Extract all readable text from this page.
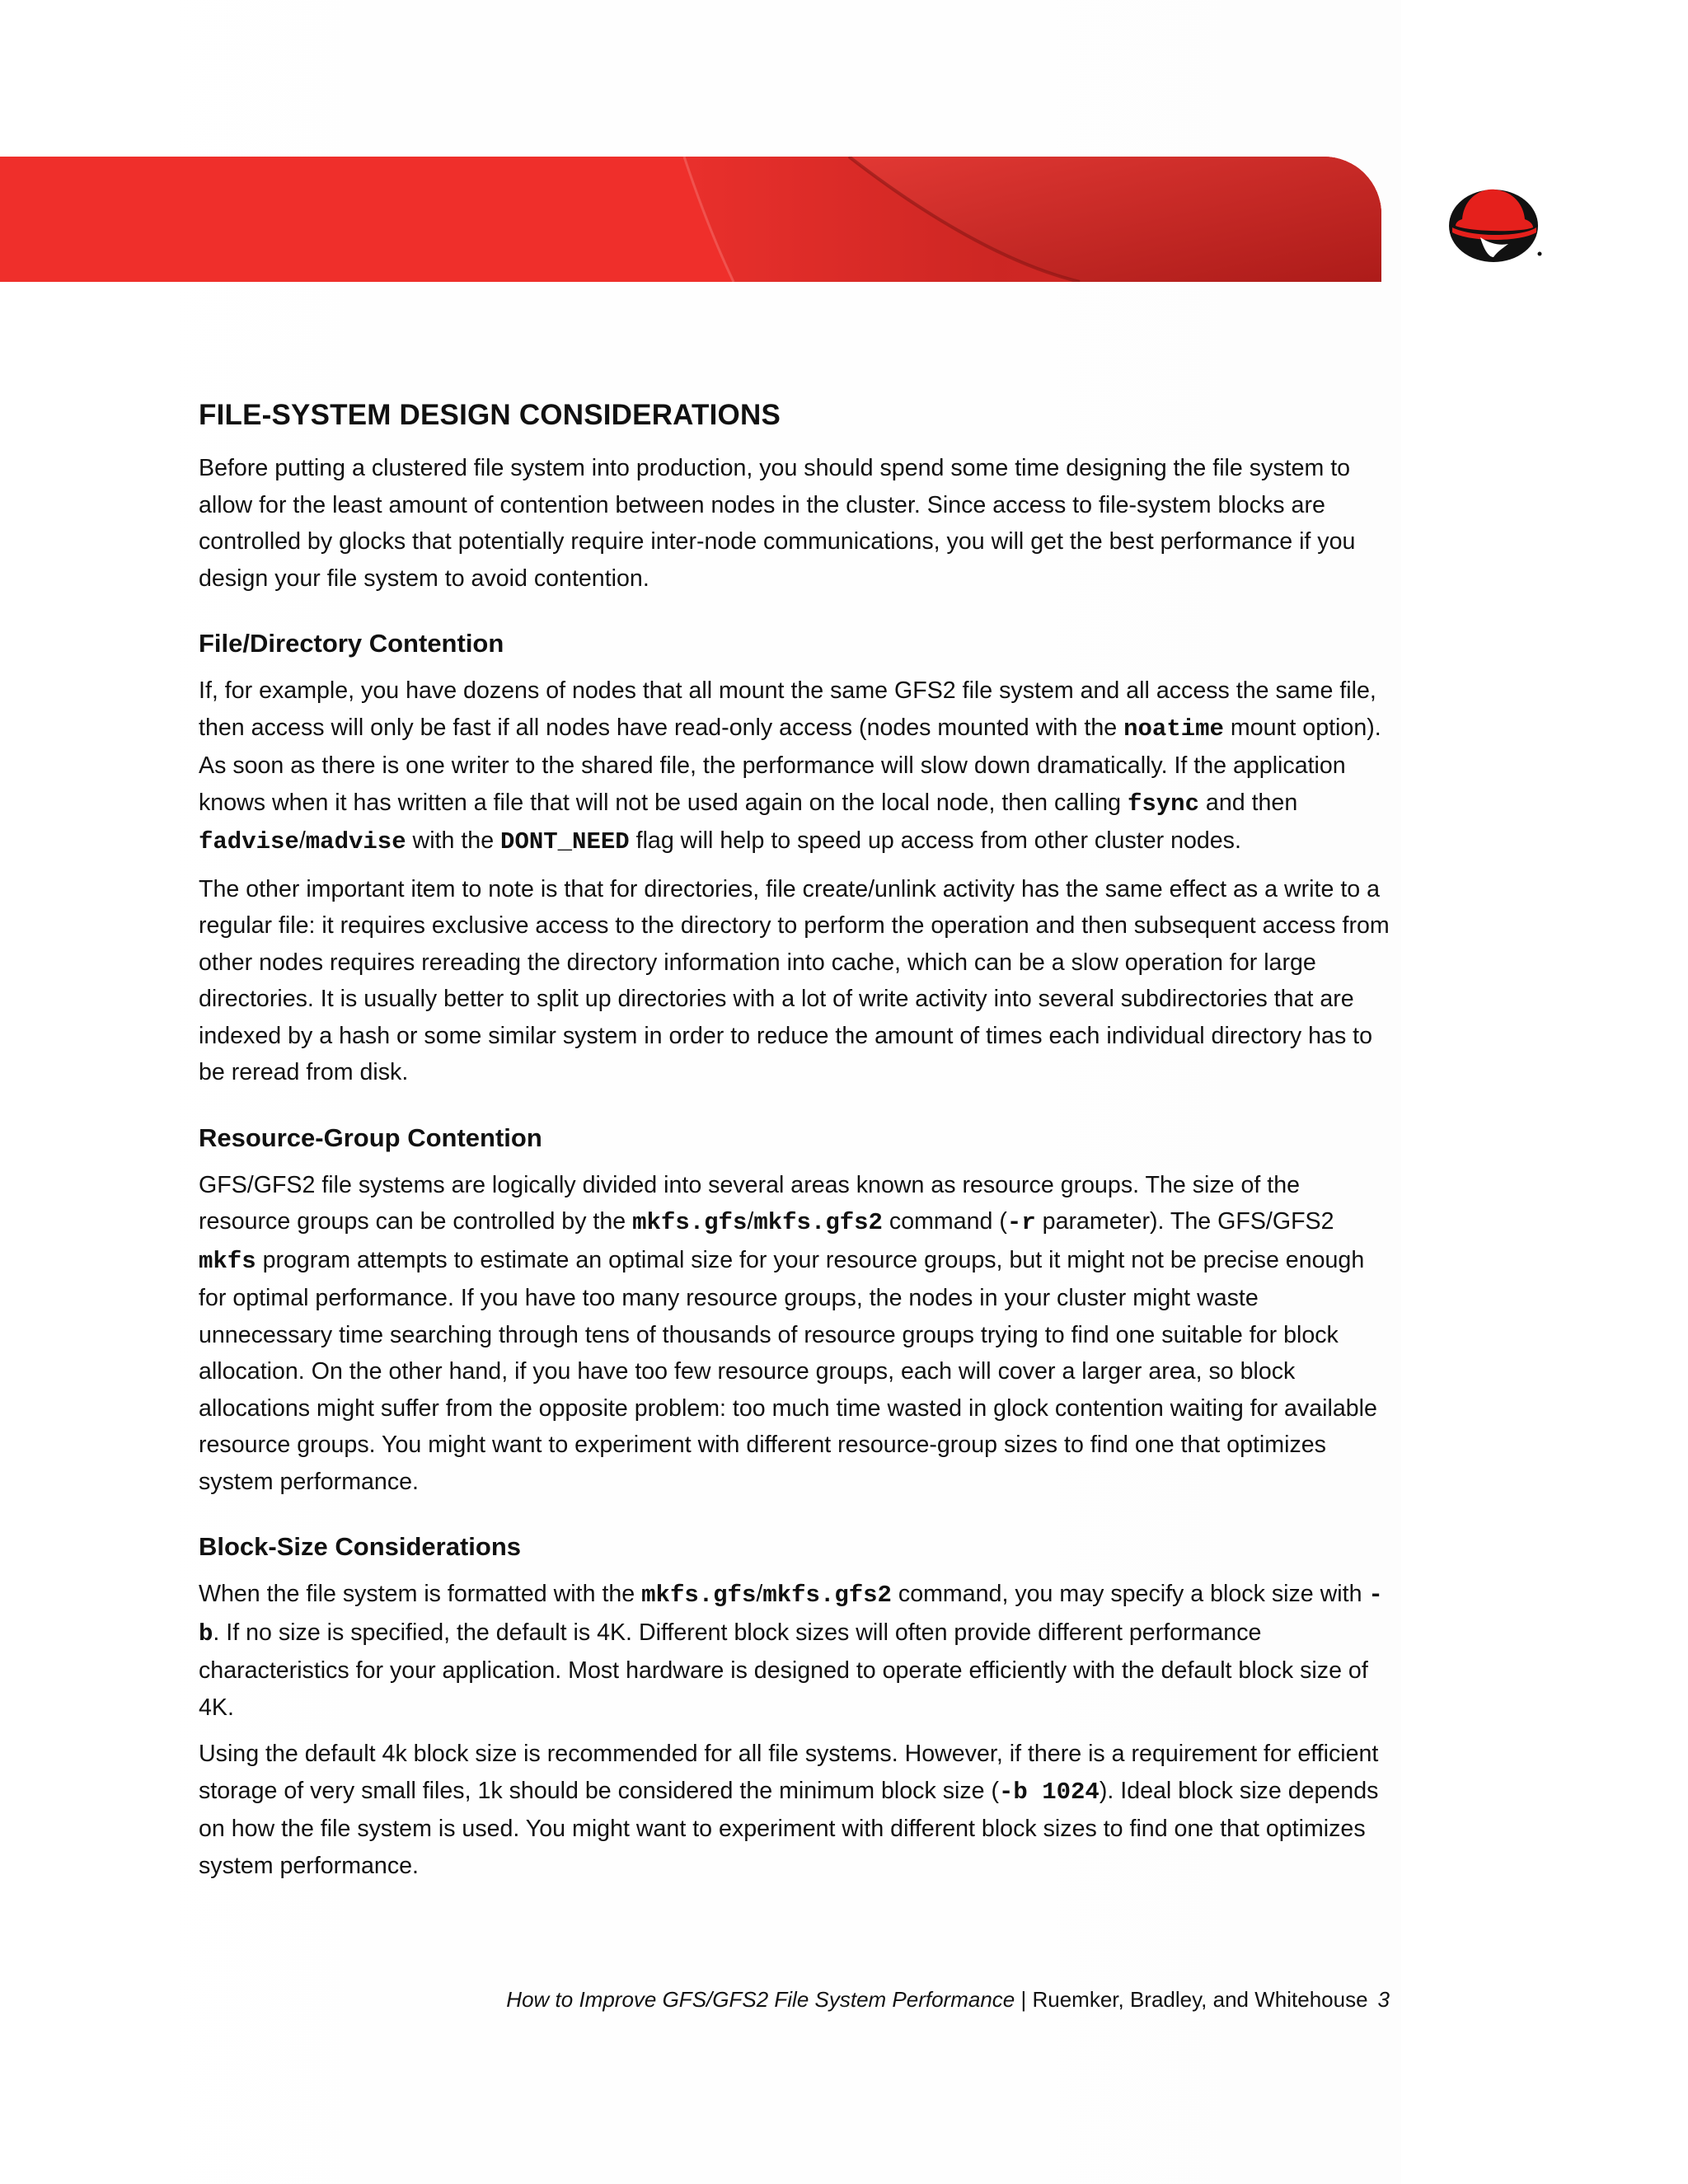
FILE-SYSTEM DESIGN CONSIDERATIONS

Before putting a clustered file system into production, you should spend some time designing the file system to allow for the least amount of contention between nodes in the cluster. Since access to file-system blocks are controlled by glocks that potentially require inter-node communications, you will get the best performance if you design your file system to avoid contention.

File/Directory Contention

If, for example, you have dozens of nodes that all mount the same GFS2 file system and all access the same file, then access will only be fast if all nodes have read-only access (nodes mounted with the noatime mount option). As soon as there is one writer to the shared file, the performance will slow down dramatically. If the application knows when it has written a file that will not be used again on the local node, then calling fsync and then fadvise/madvise with the DONT_NEED flag will help to speed up access from other cluster nodes.

The other important item to note is that for directories, file create/unlink activity has the same effect as a write to a regular file: it requires exclusive access to the directory to perform the operation and then subsequent access from other nodes requires rereading the directory information into cache, which can be a slow operation for large directories. It is usually better to split up directories with a lot of write activity into several subdirectories that are indexed by a hash or some similar system in order to reduce the amount of times each individual directory has to be reread from disk.

Resource-Group Contention

GFS/GFS2 file systems are logically divided into several areas known as resource groups. The size of the resource groups can be controlled by the mkfs.gfs/mkfs.gfs2 command (-r parameter). The GFS/GFS2 mkfs program attempts to estimate an optimal size for your resource groups, but it might not be precise enough for optimal performance. If you have too many resource groups, the nodes in your cluster might waste unnecessary time searching through tens of thousands of resource groups trying to find one suitable for block allocation. On the other hand, if you have too few resource groups, each will cover a larger area, so block allocations might suffer from the opposite problem: too much time wasted in glock contention waiting for available resource groups. You might want to experiment with different resource-group sizes to find one that optimizes system performance.

Block-Size Considerations

When the file system is formatted with the mkfs.gfs/mkfs.gfs2 command, you may specify a block size with -b. If no size is specified, the default is 4K. Different block sizes will often provide different performance characteristics for your application. Most hardware is designed to operate efficiently with the default block size of 4K.

Using the default 4k block size is recommended for all file systems. However, if there is a requirement for efficient storage of very small files, 1k should be considered the minimum block size (-b 1024). Ideal block size depends on how the file system is used. You might want to experiment with different block sizes to find one that optimizes system performance.

How to Improve GFS/GFS2 File System Performance | Ruemker, Bradley, and Whitehouse 3
